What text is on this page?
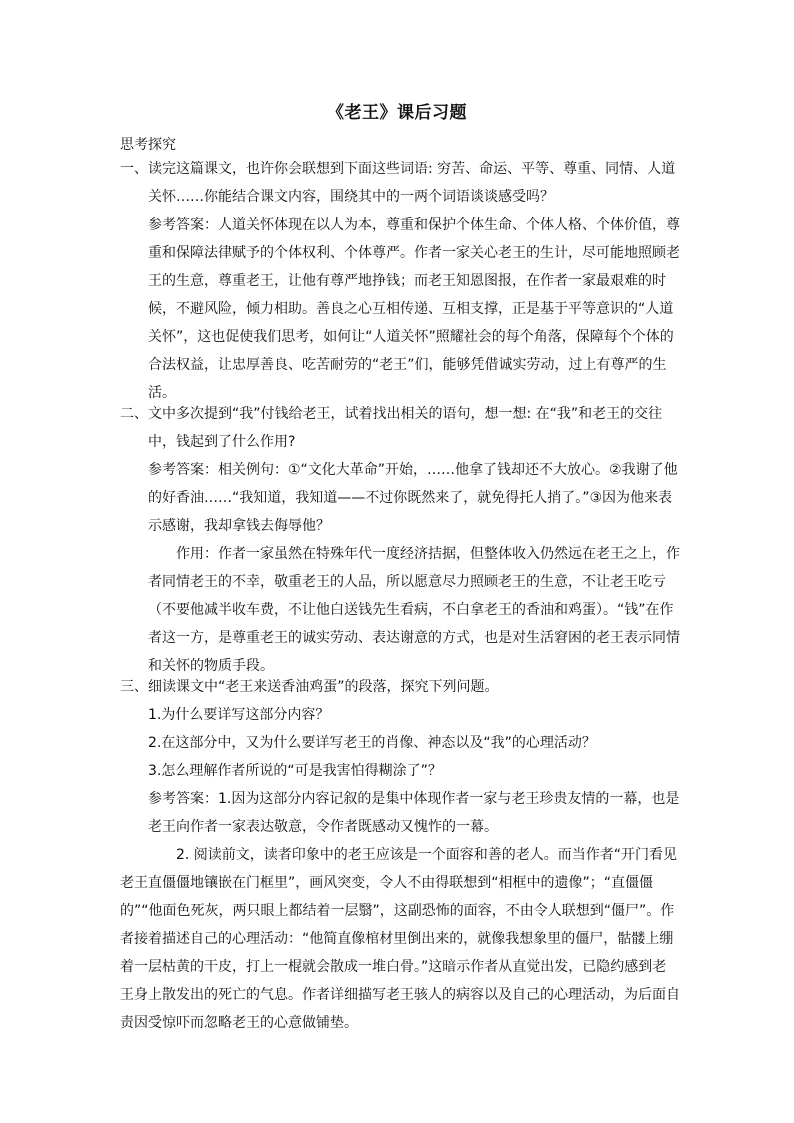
《老王》课后习题
思考探究
一、 读完这篇课文，也许你会联想到下面这些词语: 穷苦、命运、平等、尊重、同情、人道关怀……你能结合课文内容，围绕其中的一两个词语谈谈感受吗？
参考答案：人道关怀体现在以人为本，尊重和保护个体生命、个体人格、个体价值，尊重和保障法律赋予的个体权利、个体尊严。作者一家关心老王的生计，尽可能地照顾老王的生意，尊重老王，让他有尊严地挣钱；而老王知恩图报，在作者一家最艰难的时候，不避风险，倾力相助。善良之心互相传递、互相支撑，正是基于平等意识的“人道关怀”，这也促使我们思考，如何让“人道关怀”照耀社会的每个角落，保障每个个体的合法权益，让忠厚善良、吃苦耐劳的“老王”们，能够凭借诚实劳动，过上有尊严的生活。
二、 文中多次提到“我”付钱给老王，试着找出相关的语句，想一想: 在“我”和老王的交往中，钱起到了什么作用?
参考答案：相关例句：①“文化大革命”开始，……他拿了钱却还不大放心。②我谢了他的好香油……“我知道，我知道——不过你既然来了，就免得托人捎了。”③因为他来表示感谢，我却拿钱去侮辱他？
作用：作者一家虽然在特殊年代一度经济拮据，但整体收入仍然远在老王之上，作者同情老王的不幸，敬重老王的人品，所以愿意尽力照顾老王的生意，不让老王吃亏（不要他减半收车费，不让他白送钱先生看病，不白拿老王的香油和鸡蛋）。“钱”在作者这一方，是尊重老王的诚实劳动、表达谢意的方式，也是对生活窘困的老王表示同情和关怀的物质手段。
三、 细读课文中“老王来送香油鸡蛋”的段落，探究下列问题。
1.为什么要详写这部分内容？
2.在这部分中，又为什么要详写老王的肖像、神态以及“我”的心理活动？
3.怎么理解作者所说的“可是我害怕得糊涂了”？
参考答案：1.因为这部分内容记叙的是集中体现作者一家与老王珍贵友情的一幕，也是老王向作者一家表达敬意，令作者既感动又愧怍的一幕。
2. 阅读前文，读者印象中的老王应该是一个面容和善的老人。而当作者“开门看见老王直僵僵地镶嵌在门框里”，画风突变，令人不由得联想到“相框中的遗像”；“直僵僵的”“他面色死灰，两只眼上都结着一层翳”，这副恐怖的面容，不由令人联想到“僵尸”。作者接着描述自己的心理活动：“他简直像棺材里倒出来的，就像我想象里的僵尸，骷髅上绷着一层枯黄的干皮，打上一棍就会散成一堆白骨。”这暗示作者从直觉出发，已隐约感到老王身上散发出的死亡的气息。作者详细描写老王骇人的病容以及自己的心理活动，为后面自责因受惊吓而忽略老王的心意做铺垫。
